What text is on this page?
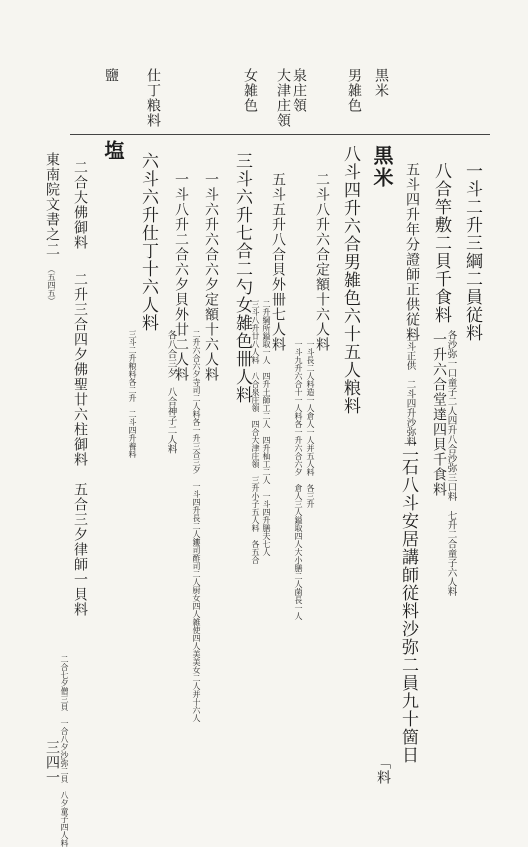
黒米
男雑色
泉庄領
大津庄領
女雑色
仕丁粮料
鹽
黒米	一斗二升三綱二員従料
各沙弥一口童子二人四升八合沙弥三口料　七升二合童子六人料
八合竿敷二貝千食料
一升六合堂達四貝千食料
五斗四升年分證師正供従料
三斗正供　二斗四升沙弥料
二石八斗安居講師従料沙弥二員九十箇日
「料
八斗四升六合男雑色六十五人粮料
二斗八升六合定額十六人料
一斗長二人料造一人倉人一人并五人料　各三升
一斗九升六合十一人料各一升六合六夕　倉人三人鎰取四人大小膳二人菌長一人
五斗五升八合貝外卌七人料
二升綱所鎰取一人　四升土師工二人　四升杣工二人　一斗四升膳夫七人
三斗八升廿八人料　八合泉庄領　四合大津庄領　三升小子五人料　各五合
三斗六升七合二勺女雑色卌人料
一斗六升六合六夕定額十六人料
二升六合六夕寺司二人料各一升三合三夕　一斗四升長二人鏤司酢司二人厨女四人雑使四人美美女二人并十六人
一斗八升二合六夕貝外廿二人料
各八合三夕　八合神子二人料
六斗六升仕丁十六人料
三斗二升粮料各二升　二斗四升養料
塩
二合大佛御料
二升三合四夕佛聖廿六柱御料　五合三夕律師一貝料
二合七夕僧三貝　一合八夕沙弥二貝　八夕童子四人料
東南院文書之二
（五四五）
三四一
